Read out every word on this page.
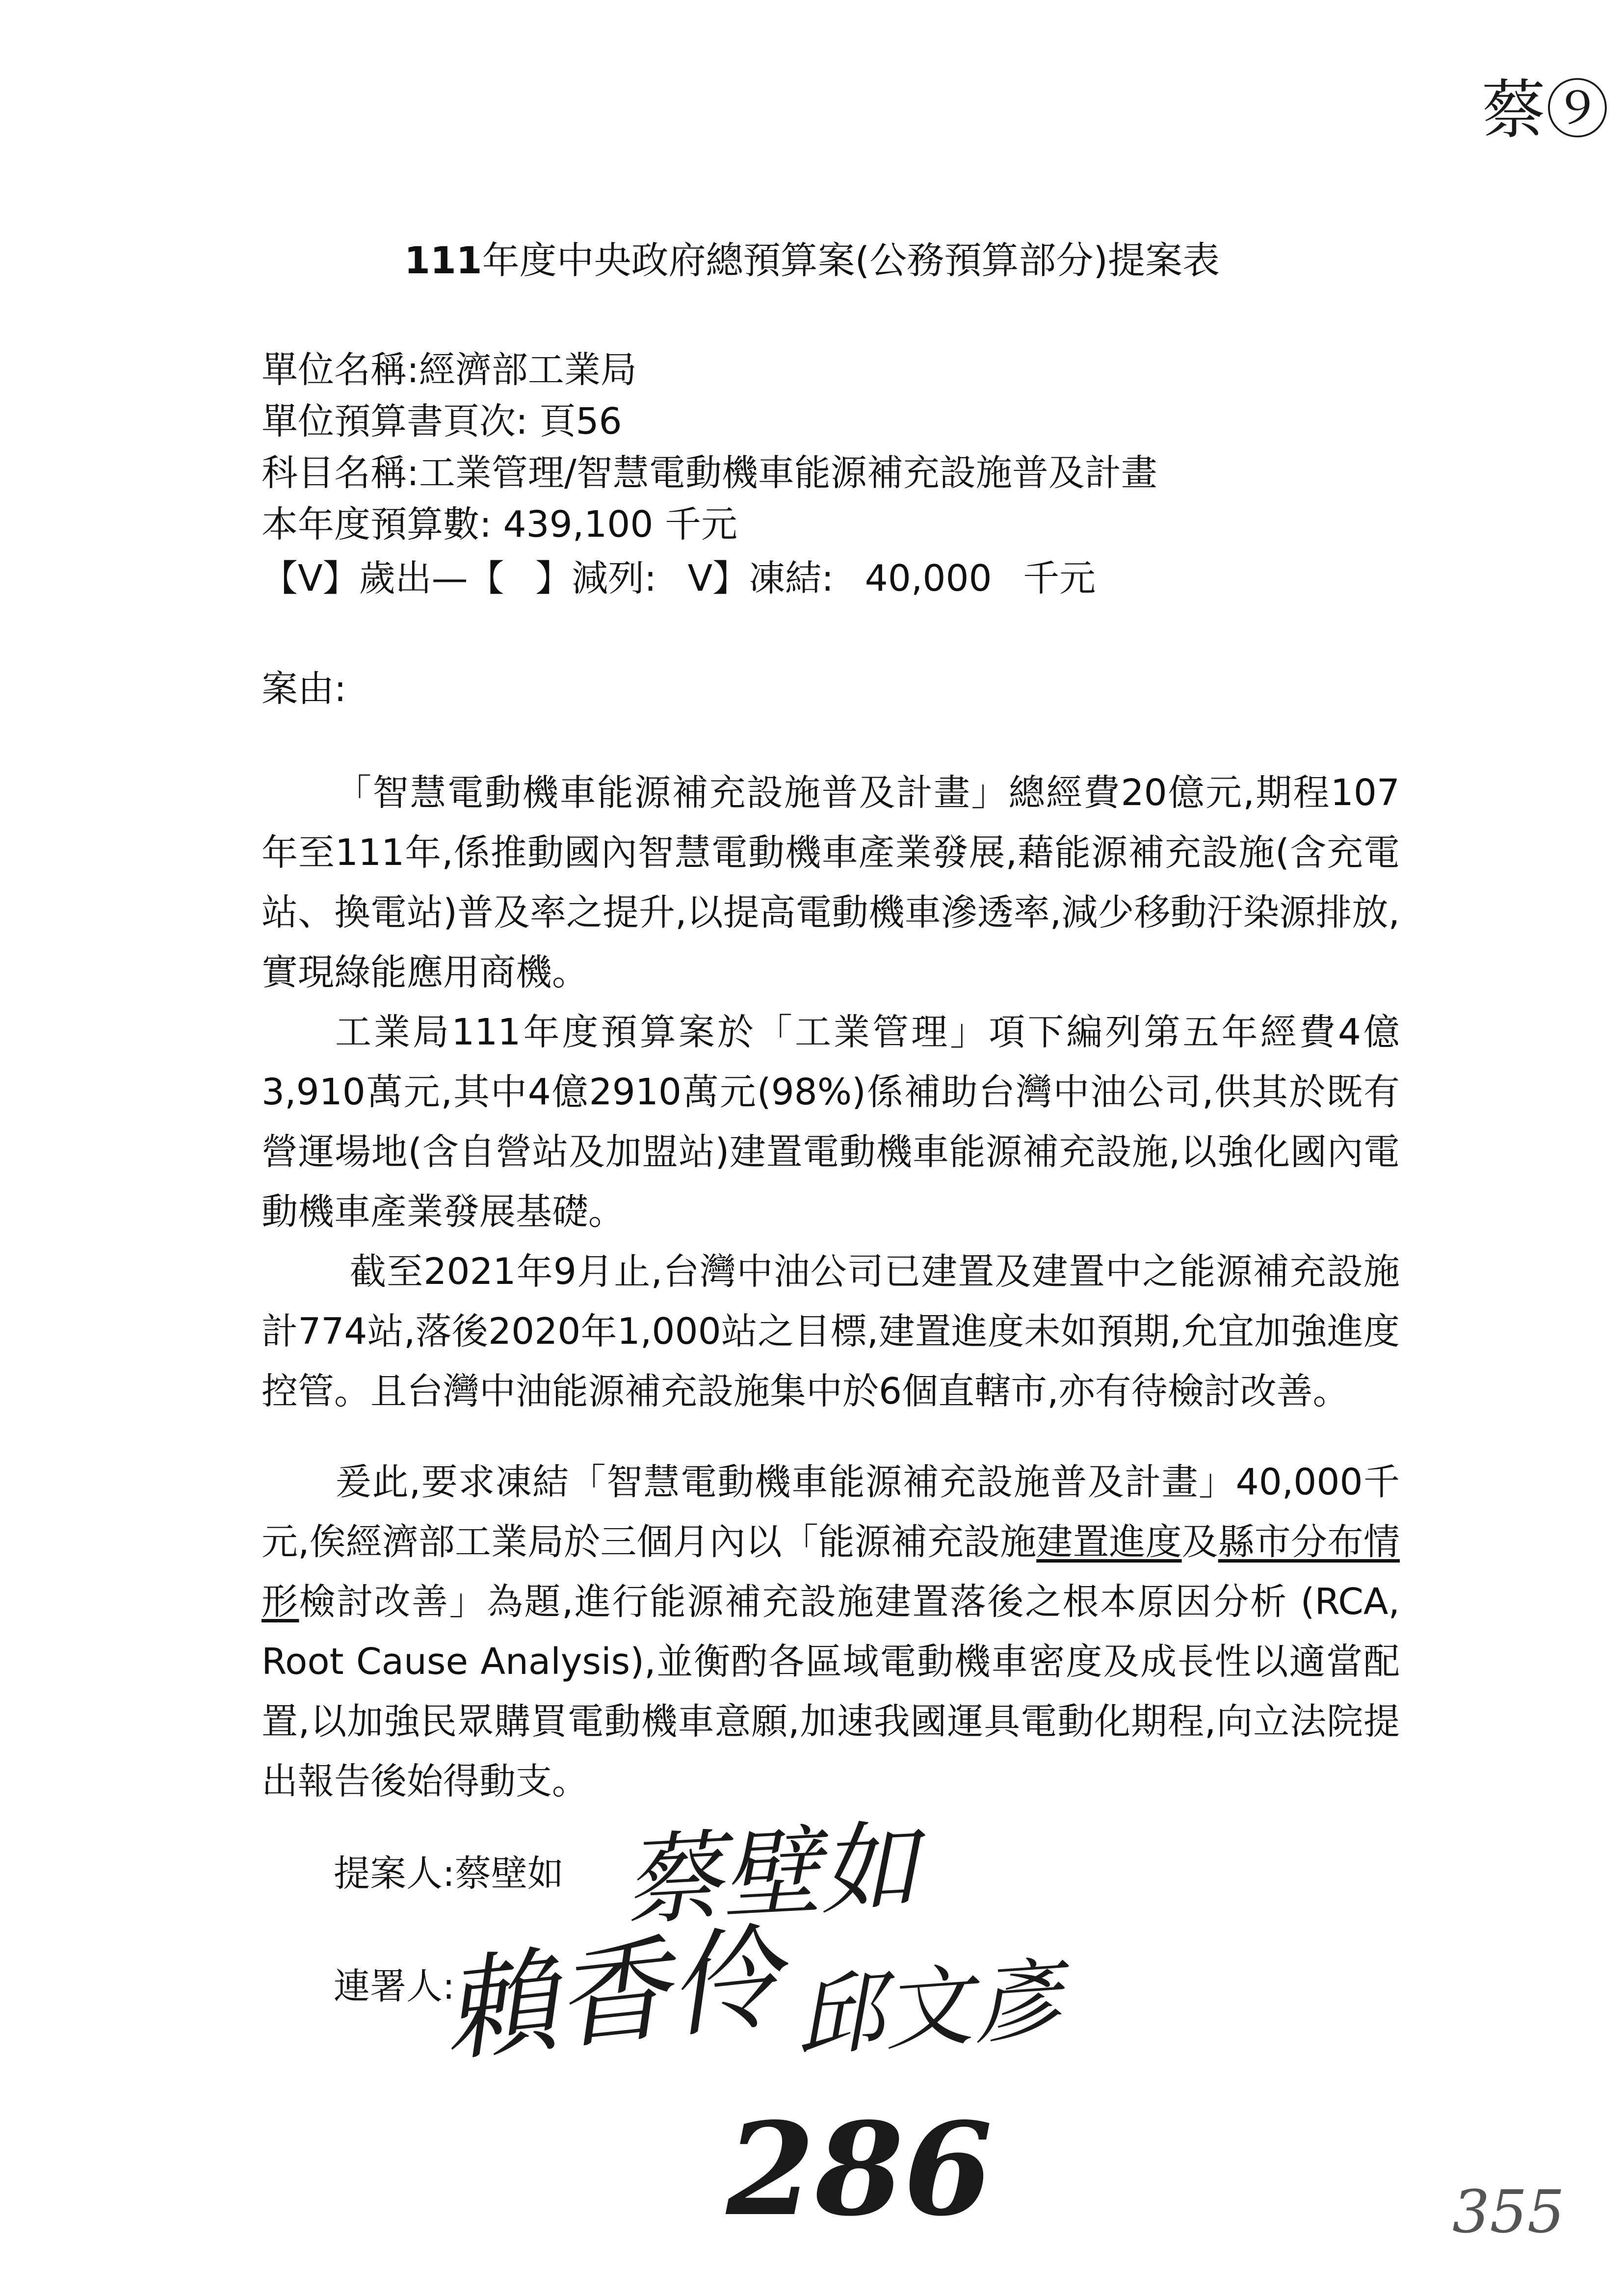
蔡⑨
111年度中央政府總預算案(公務預算部分)提案表
單位名稱:經濟部工業局
單位預算書頁次: 頁56
科目名稱:工業管理/智慧電動機車能源補充設施普及計畫
本年度預算數: 439,100 千元
【V】歲出—【 】減列: V】凍結: 40,000 千元
案由:

「智慧電動機車能源補充設施普及計畫」總經費20億元,期程107年至111年,係推動國內智慧電動機車產業發展,藉能源補充設施(含充電站、換電站)普及率之提升,以提高電動機車滲透率,減少移動汙染源排放,實現綠能應用商機。

工業局111年度預算案於「工業管理」項下編列第五年經費4億3,910萬元,其中4億2910萬元(98%)係補助台灣中油公司,供其於既有營運場地(含自營站及加盟站)建置電動機車能源補充設施,以強化國內電動機車產業發展基礎。

截至2021年9月止,台灣中油公司已建置及建置中之能源補充設施計774站,落後2020年1,000站之目標,建置進度未如預期,允宜加強進度控管。且台灣中油能源補充設施集中於6個直轄市,亦有待檢討改善。

爰此,要求凍結「智慧電動機車能源補充設施普及計畫」40,000千元,俟經濟部工業局於三個月內以「能源補充設施建置進度及縣市分布情形檢討改善」為題,進行能源補充設施建置落後之根本原因分析 (RCA, Root Cause Analysis),並衡酌各區域電動機車密度及成長性以適當配置,以加強民眾購買電動機車意願,加速我國運具電動化期程,向立法院提出報告後始得動支。

提案人:蔡壁如 蔡壁如
連署人:
賴香伶 邱文彥
286	355
